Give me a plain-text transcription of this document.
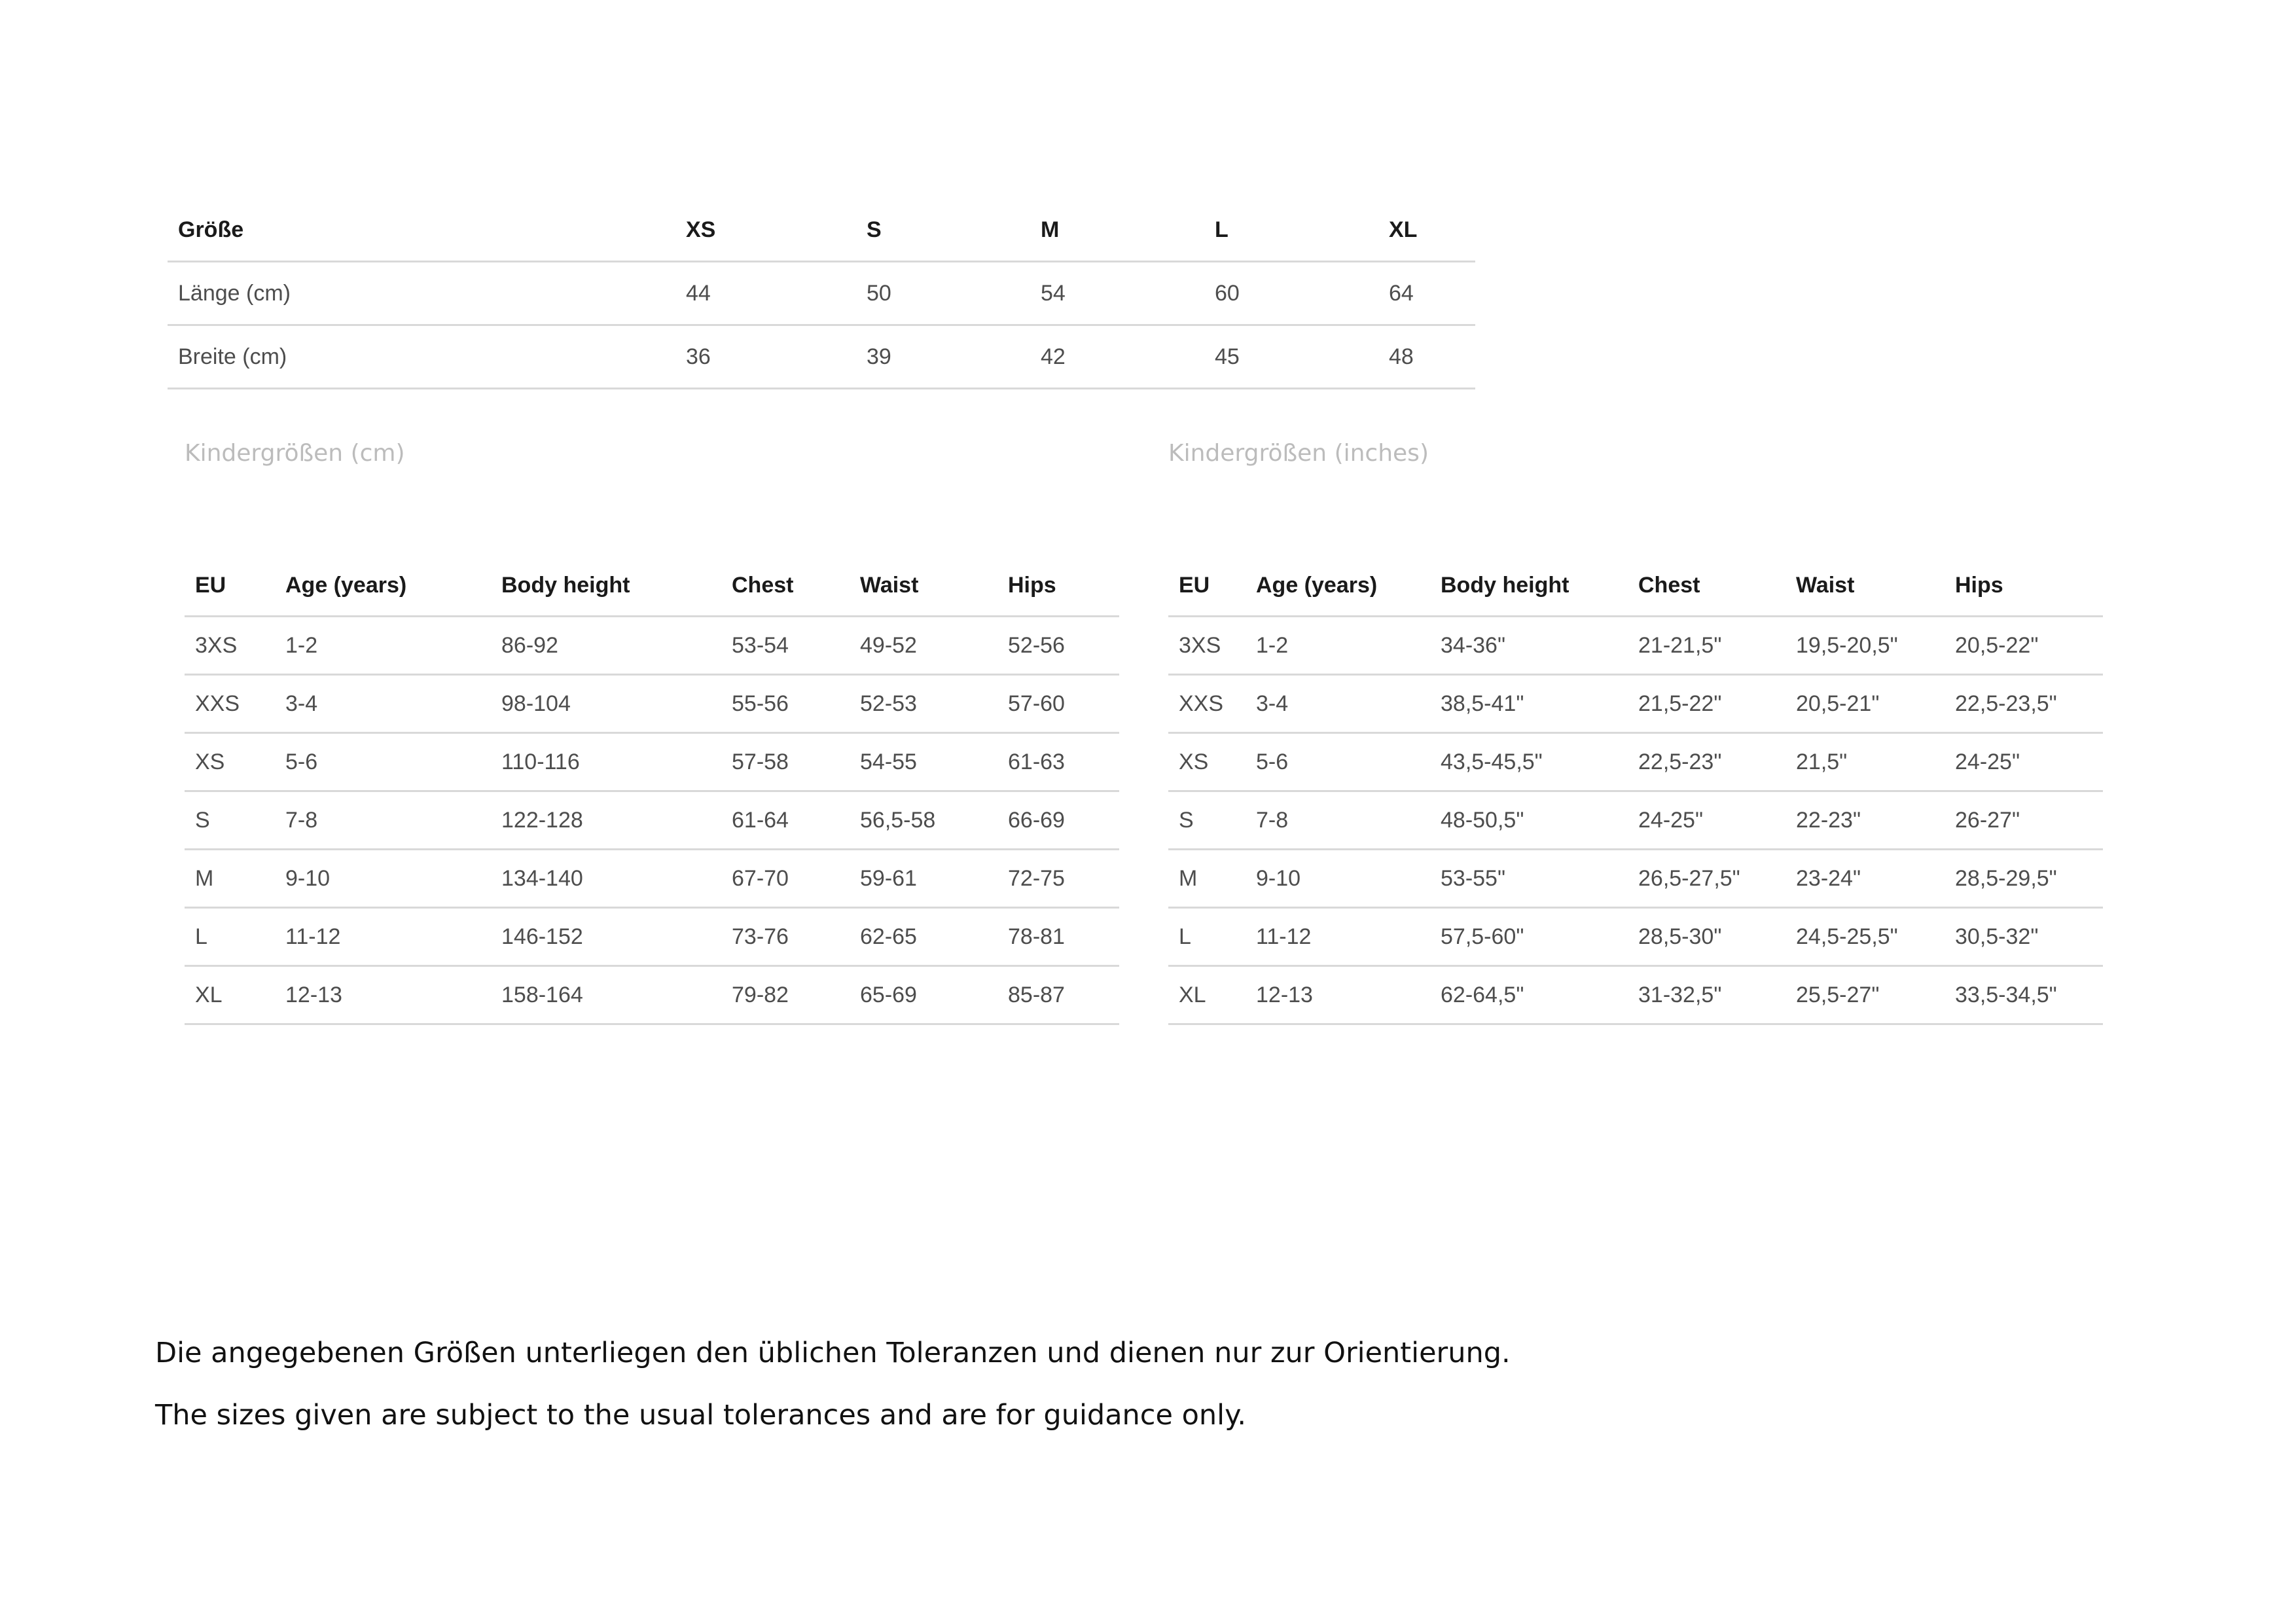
Größe	XS	S	M	L	XL
Länge (cm)	44	50	54	60	64
Breite (cm)	36	39	42	45	48
Kindergrößen (cm)	Kindergrößen (inches)
EU	Age (years)	Body height	Chest	Waist	Hips
3XS	1-2	86-92	53-54	49-52	52-56
XXS	3-4	98-104	55-56	52-53	57-60
XS	5-6	110-116	57-58	54-55	61-63
S	7-8	122-128	61-64	56,5-58	66-69
M	9-10	134-140	67-70	59-61	72-75
L	11-12	146-152	73-76	62-65	78-81
XL	12-13	158-164	79-82	65-69	85-87
EU	Age (years)	Body height	Chest	Waist	Hips
3XS	1-2	34-36"	21-21,5"	19,5-20,5"	20,5-22"
XXS	3-4	38,5-41"	21,5-22"	20,5-21"	22,5-23,5"
XS	5-6	43,5-45,5"	22,5-23"	21,5"	24-25"
S	7-8	48-50,5"	24-25"	22-23"	26-27"
M	9-10	53-55"	26,5-27,5"	23-24"	28,5-29,5"
L	11-12	57,5-60"	28,5-30"	24,5-25,5"	30,5-32"
XL	12-13	62-64,5"	31-32,5"	25,5-27"	33,5-34,5"
Die angegebenen Größen unterliegen den üblichen Toleranzen und dienen nur zur Orientierung.
The sizes given are subject to the usual tolerances and are for guidance only.
